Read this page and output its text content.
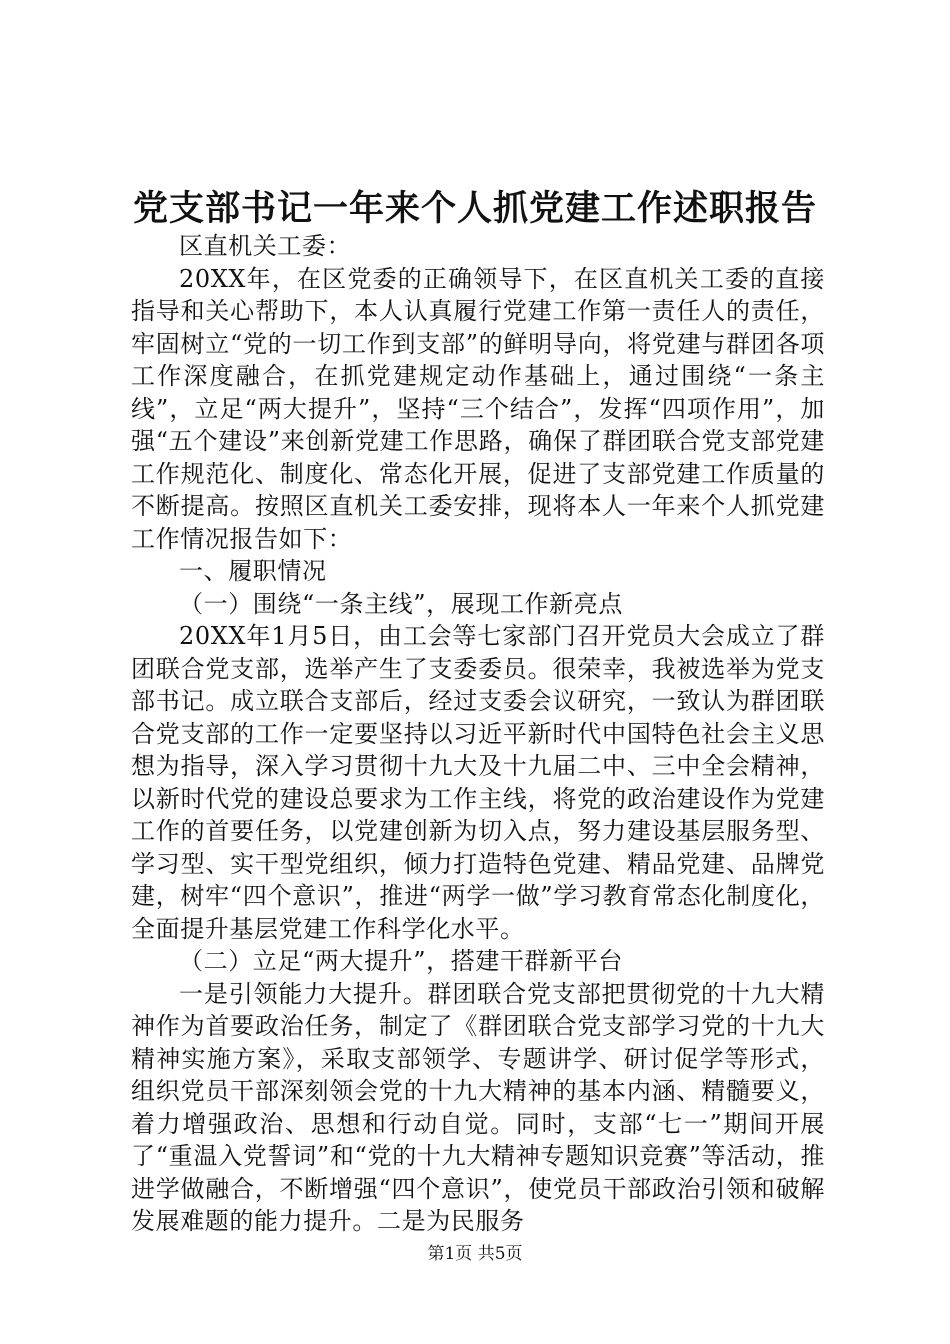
党支部书记一年来个人抓党建工作述职报告

区直机关工委：

20XX年，在区党委的正确领导下，在区直机关工委的直接指导和关心帮助下，本人认真履行党建工作第一责任人的责任，牢固树立“党的一切工作到支部”的鲜明导向，将党建与群团各项工作深度融合，在抓党建规定动作基础上，通过围绕“一条主线”，立足“两大提升”，坚持“三个结合”，发挥“四项作用”，加强“五个建设”来创新党建工作思路，确保了群团联合党支部党建工作规范化、制度化、常态化开展，促进了支部党建工作质量的不断提高。按照区直机关工委安排，现将本人一年来个人抓党建工作情况报告如下：

一、履职情况

（一）围绕“一条主线”，展现工作新亮点

20XX年1月5日，由工会等七家部门召开党员大会成立了群团联合党支部，选举产生了支委委员。很荣幸，我被选举为党支部书记。成立联合支部后，经过支委会议研究，一致认为群团联合党支部的工作一定要坚持以习近平新时代中国特色社会主义思想为指导，深入学习贯彻十九大及十九届二中、三中全会精神，以新时代党的建设总要求为工作主线，将党的政治建设作为党建工作的首要任务，以党建创新为切入点，努力建设基层服务型、学习型、实干型党组织，倾力打造特色党建、精品党建、品牌党建，树牢“四个意识”，推进“两学一做”学习教育常态化制度化，全面提升基层党建工作科学化水平。

（二）立足“两大提升”，搭建干群新平台

一是引领能力大提升。群团联合党支部把贯彻党的十九大精神作为首要政治任务，制定了《群团联合党支部学习党的十九大精神实施方案》，采取支部领学、专题讲学、研讨促学等形式，组织党员干部深刻领会党的十九大精神的基本内涵、精髓要义，着力增强政治、思想和行动自觉。同时，支部“七一”期间开展了“重温入党誓词”和“党的十九大精神专题知识竞赛”等活动，推进学做融合，不断增强“四个意识”，使党员干部政治引领和破解发展难题的能力提升。二是为民服务

第1页 共5页
